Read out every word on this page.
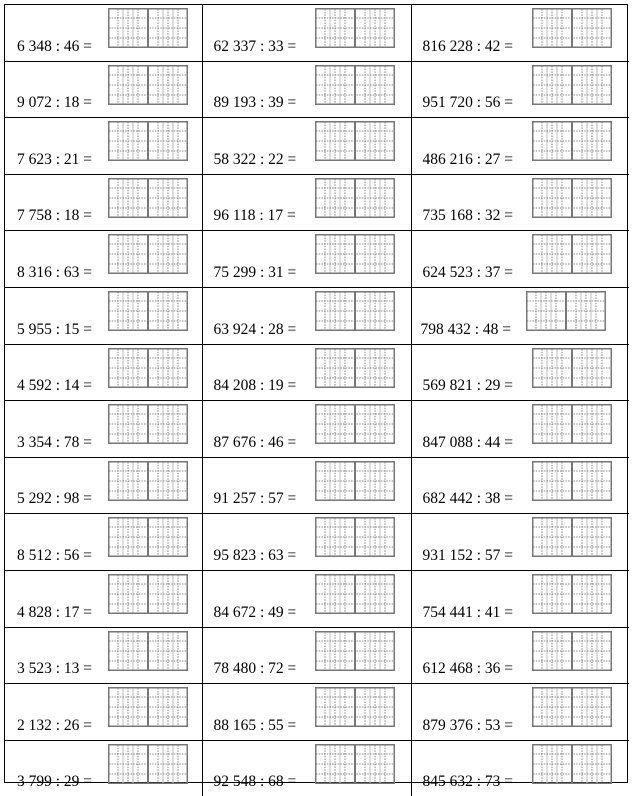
6 348 : 46 =	62 337 : 33 =	816 228 : 42 =

9 072 : 18 =	89 193 : 39 =	951 720 : 56 =

7 623 : 21 =	58 322 : 22 =	486 216 : 27 =

7 758 : 18 =	96 118 : 17 =	735 168 : 32 =

8 316 : 63 =	75 299 : 31 =	624 523 : 37 =

5 955 : 15 =	63 924 : 28 =	798 432 : 48 =

4 592 : 14 =	84 208 : 19 =	569 821 : 29 =

3 354 : 78 =	87 676 : 46 =	847 088 : 44 =

5 292 : 98 =	91 257 : 57 =	682 442 : 38 =

8 512 : 56 =	95 823 : 63 =	931 152 : 57 =

4 828 : 17 =	84 672 : 49 =	754 441 : 41 =

3 523 : 13 =	78 480 : 72 =	612 468 : 36 =

2 132 : 26 =	88 165 : 55 =	879 376 : 53 =

3 799 : 29 =	92 548 : 68 =	845 632 : 73 =
